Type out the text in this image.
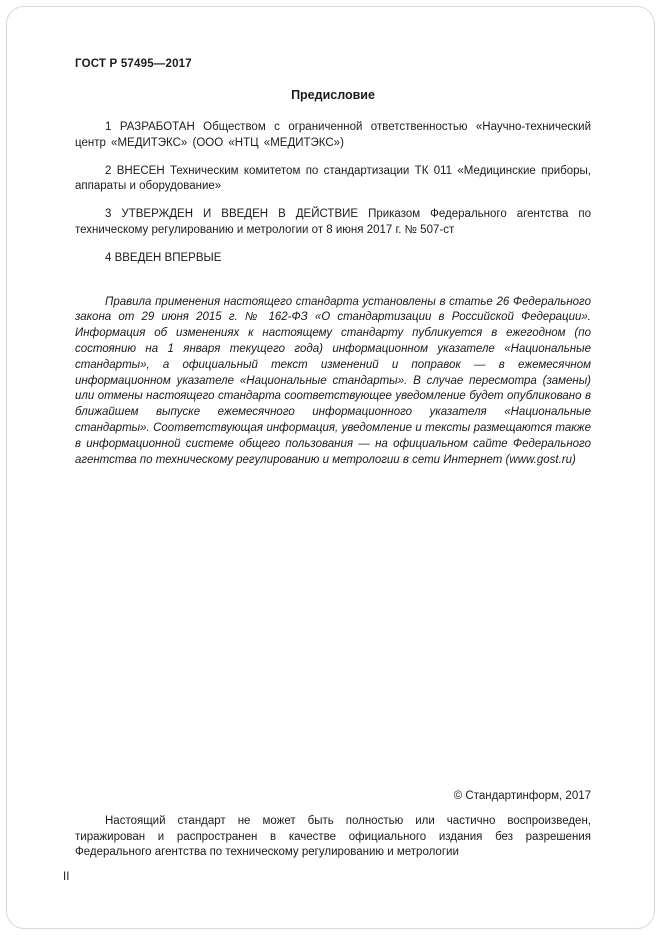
ГОСТ Р 57495—2017
Предисловие

1 РАЗРАБОТАН Обществом с ограниченной ответственностью «Научно-технический центр «МЕДИТЭКС» (ООО «НТЦ «МЕДИТЭКС»)

2 ВНЕСЕН Техническим комитетом по стандартизации ТК 011 «Медицинские приборы, аппараты и оборудование»

3 УТВЕРЖДЕН И ВВЕДЕН В ДЕЙСТВИЕ Приказом Федерального агентства по техническому регулированию и метрологии от 8 июня 2017 г. № 507-ст

4 ВВЕДЕН ВПЕРВЫЕ

Правила применения настоящего стандарта установлены в статье 26 Федерального закона от 29 июня 2015 г. № 162-ФЗ «О стандартизации в Российской Федерации». Информация об изменениях к настоящему стандарту публикуется в ежегодном (по состоянию на 1 января текущего года) информационном указателе «Национальные стандарты», а официальный текст изменений и поправок — в ежемесячном информационном указателе «Национальные стандарты». В случае пересмотра (замены) или отмены настоящего стандарта соответствующее уведомление будет опубликовано в ближайшем выпуске ежемесячного информационного указателя «Национальные стандарты». Соответствующая информация, уведомление и тексты размещаются также в информационной системе общего пользования — на официальном сайте Федерального агентства по техническому регулированию и метрологии в сети Интернет (www.gost.ru)

© Стандартинформ, 2017

Настоящий стандарт не может быть полностью или частично воспроизведен, тиражирован и распространен в качестве официального издания без разрешения Федерального агентства по техническому регулированию и метрологии

II
